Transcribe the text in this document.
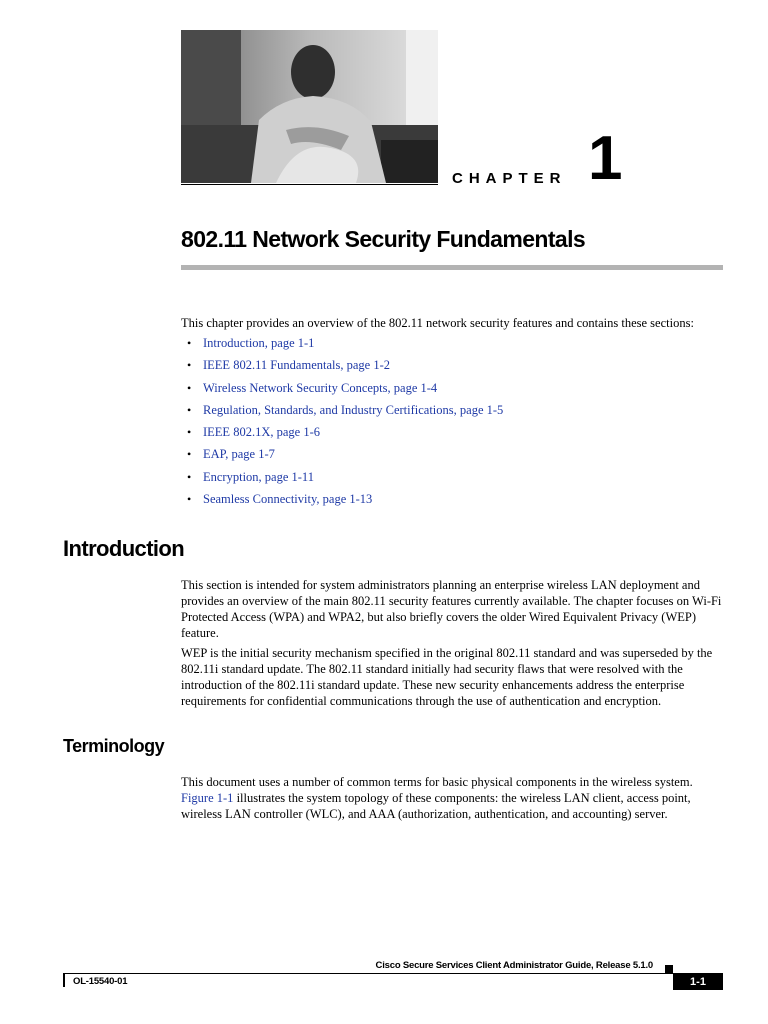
CHAPTER 1
802.11 Network Security Fundamentals

This chapter provides an overview of the 802.11 network security features and contains these sections:

• Introduction, page 1-1
• IEEE 802.11 Fundamentals, page 1-2
• Wireless Network Security Concepts, page 1-4
• Regulation, Standards, and Industry Certifications, page 1-5
• IEEE 802.1X, page 1-6
• EAP, page 1-7
• Encryption, page 1-11
• Seamless Connectivity, page 1-13
Introduction

This section is intended for system administrators planning an enterprise wireless LAN deployment and provides an overview of the main 802.11 security features currently available. The chapter focuses on Wi-Fi Protected Access (WPA) and WPA2, but also briefly covers the older Wired Equivalent Privacy (WEP) feature.

WEP is the initial security mechanism specified in the original 802.11 standard and was superseded by the 802.11i standard update. The 802.11 standard initially had security flaws that were resolved with the introduction of the 802.11i standard update. These new security enhancements address the enterprise requirements for confidential communications through the use of authentication and encryption.

Terminology

This document uses a number of common terms for basic physical components in the wireless system. Figure 1-1 illustrates the system topology of these components: the wireless LAN client, access point, wireless LAN controller (WLC), and AAA (authorization, authentication, and accounting) server.

Cisco Secure Services Client Administrator Guide, Release 5.1.0
OL-15540-01	1-1
